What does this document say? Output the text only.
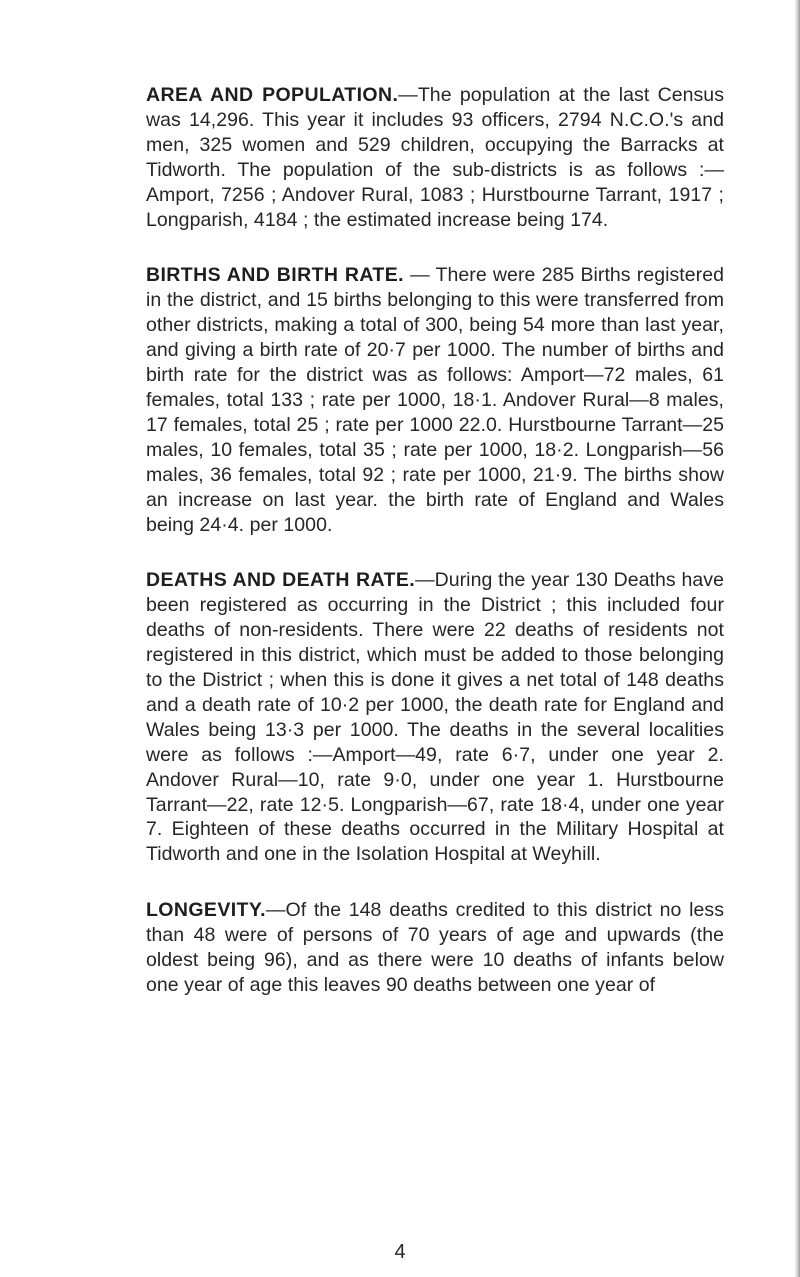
AREA AND POPULATION.—The population at the last Census was 14,296. This year it includes 93 officers, 2794 N.C.O.'s and men, 325 women and 529 children, occupying the Barracks at Tidworth. The population of the sub-districts is as follows :—Amport, 7256 ; Andover Rural, 1083 ; Hurstbourne Tarrant, 1917 ; Longparish, 4184 ; the estimated increase being 174.

BIRTHS AND BIRTH RATE. — There were 285 Births registered in the district, and 15 births belonging to this were transferred from other districts, making a total of 300, being 54 more than last year, and giving a birth rate of 20·7 per 1000. The number of births and birth rate for the district was as follows: Amport—72 males, 61 females, total 133 ; rate per 1000, 18·1. Andover Rural—8 males, 17 females, total 25 ; rate per 1000 22.0. Hurstbourne Tarrant—25 males, 10 females, total 35 ; rate per 1000, 18·2. Longparish—56 males, 36 females, total 92 ; rate per 1000, 21·9. The births show an increase on last year. the birth rate of England and Wales being 24·4. per 1000.

DEATHS AND DEATH RATE.—During the year 130 Deaths have been registered as occurring in the District ; this included four deaths of non-residents. There were 22 deaths of residents not registered in this district, which must be added to those belonging to the District ; when this is done it gives a net total of 148 deaths and a death rate of 10·2 per 1000, the death rate for England and Wales being 13·3 per 1000. The deaths in the several localities were as follows :—Amport—49, rate 6·7, under one year 2. Andover Rural—10, rate 9·0, under one year 1. Hurstbourne Tarrant—22, rate 12·5. Longparish—67, rate 18·4, under one year 7. Eighteen of these deaths occurred in the Military Hospital at Tidworth and one in the Isolation Hospital at Weyhill.

LONGEVITY.—Of the 148 deaths credited to this district no less than 48 were of persons of 70 years of age and upwards (the oldest being 96), and as there were 10 deaths of infants below one year of age this leaves 90 deaths between one year of

4
